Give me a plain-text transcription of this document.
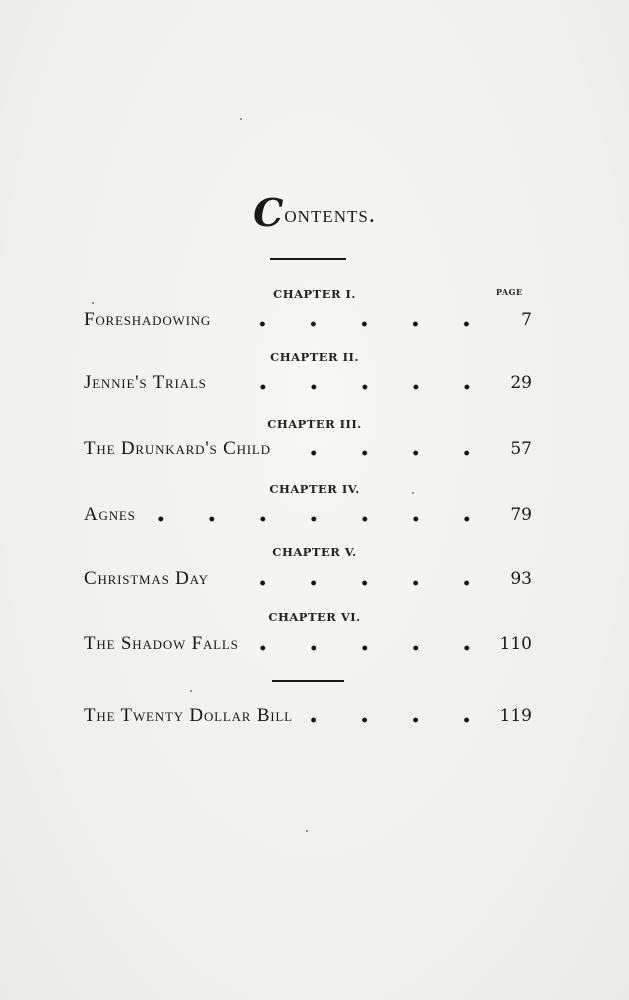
Contents.
PAGE
CHAPTER I.
Foreshadowing	7
CHAPTER II.
Jennie's Trials	29
CHAPTER III.
The Drunkard's Child	57
CHAPTER IV.
Agnes	79
CHAPTER V.
Christmas Day	93
CHAPTER VI.
The Shadow Falls	110
The Twenty Dollar Bill	119
